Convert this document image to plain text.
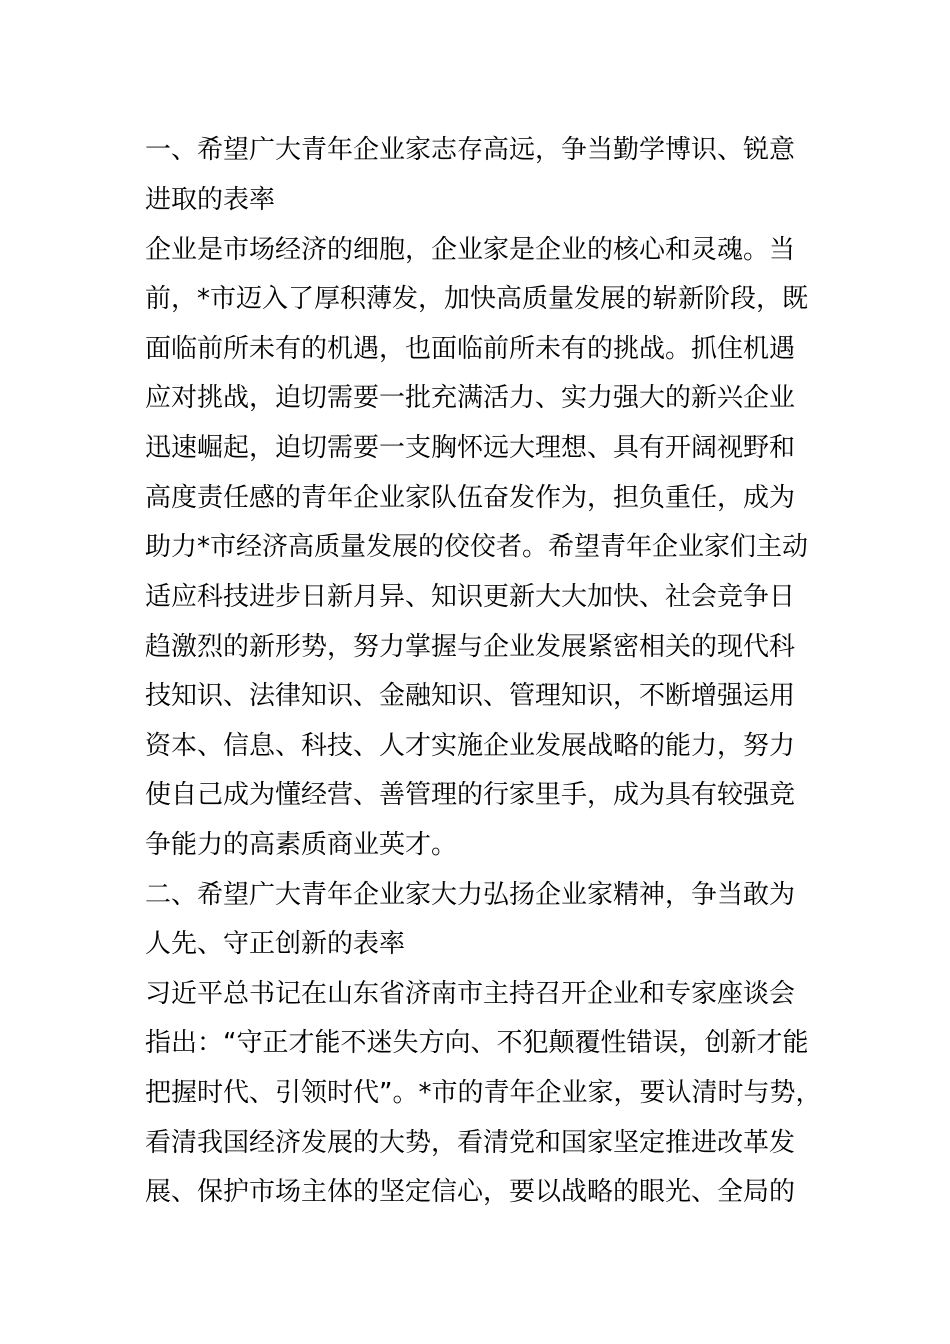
一、希望广大青年企业家志存高远，争当勤学博识、锐意
进取的表率
企业是市场经济的细胞，企业家是企业的核心和灵魂。当
前，*市迈入了厚积薄发，加快高质量发展的崭新阶段，既
面临前所未有的机遇，也面临前所未有的挑战。抓住机遇
应对挑战，迫切需要一批充满活力、实力强大的新兴企业
迅速崛起，迫切需要一支胸怀远大理想、具有开阔视野和
高度责任感的青年企业家队伍奋发作为，担负重任，成为
助力*市经济高质量发展的佼佼者。希望青年企业家们主动
适应科技进步日新月异、知识更新大大加快、社会竞争日
趋激烈的新形势，努力掌握与企业发展紧密相关的现代科
技知识、法律知识、金融知识、管理知识，不断增强运用
资本、信息、科技、人才实施企业发展战略的能力，努力
使自己成为懂经营、善管理的行家里手，成为具有较强竞
争能力的高素质商业英才。
二、希望广大青年企业家大力弘扬企业家精神，争当敢为
人先、守正创新的表率
习近平总书记在山东省济南市主持召开企业和专家座谈会
指出：“守正才能不迷失方向、不犯颠覆性错误，创新才能
把握时代、引领时代”。*市的青年企业家，要认清时与势，
看清我国经济发展的大势，看清党和国家坚定推进改革发
展、保护市场主体的坚定信心，要以战略的眼光、全局的
